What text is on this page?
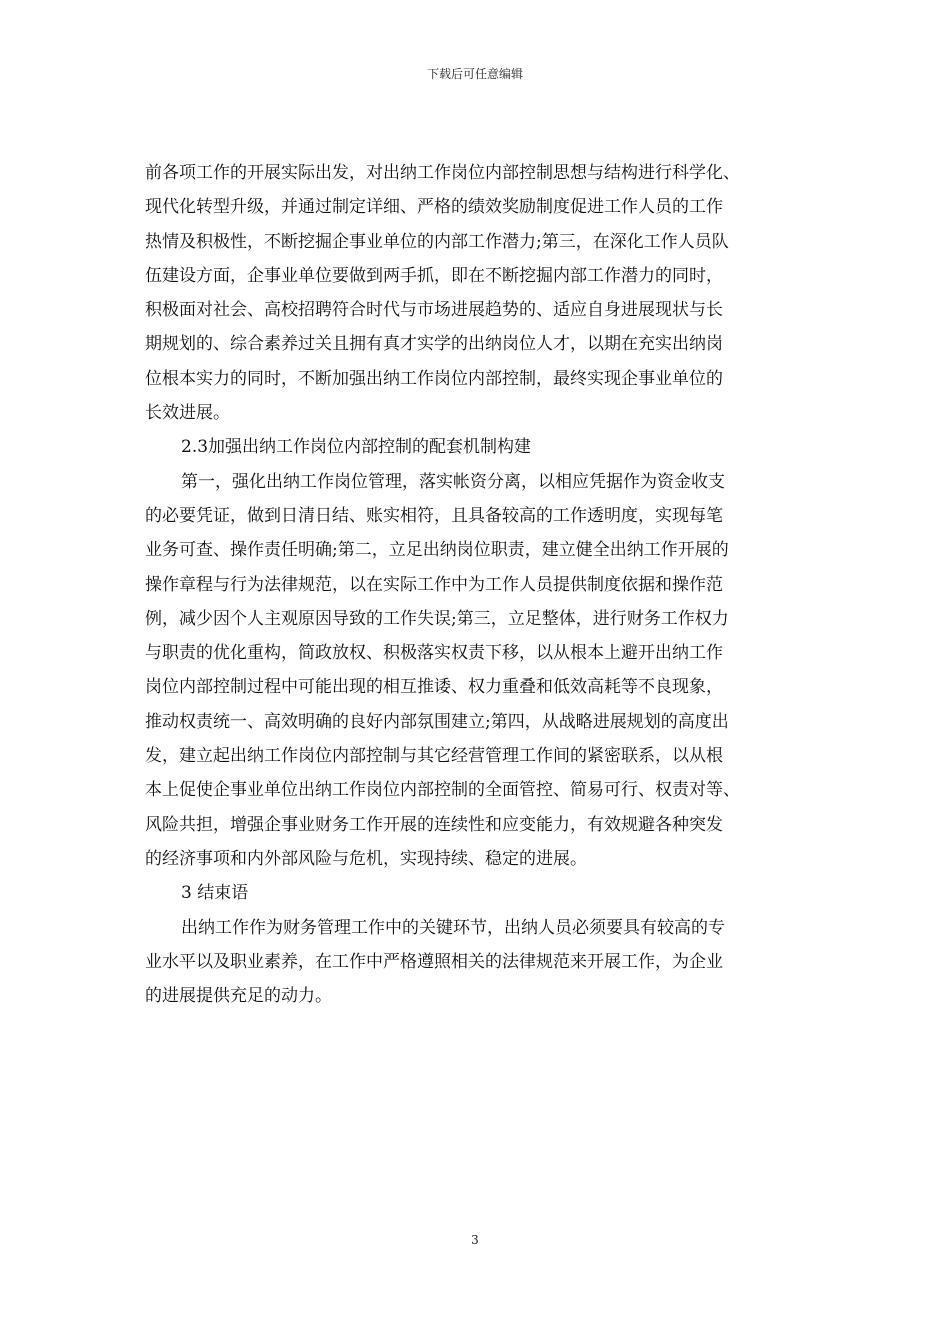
下载后可任意编辑
前各项工作的开展实际出发，对出纳工作岗位内部控制思想与结构进行科学化、
现代化转型升级，并通过制定详细、严格的绩效奖励制度促进工作人员的工作
热情及积极性，不断挖掘企事业单位的内部工作潜力;第三，在深化工作人员队
伍建设方面，企事业单位要做到两手抓，即在不断挖掘内部工作潜力的同时，
积极面对社会、高校招聘符合时代与市场进展趋势的、适应自身进展现状与长
期规划的、综合素养过关且拥有真才实学的出纳岗位人才，以期在充实出纳岗
位根本实力的同时，不断加强出纳工作岗位内部控制，最终实现企事业单位的
长效进展。
2.3加强出纳工作岗位内部控制的配套机制构建
第一，强化出纳工作岗位管理，落实帐资分离，以相应凭据作为资金收支
的必要凭证，做到日清日结、账实相符，且具备较高的工作透明度，实现每笔
业务可查、操作责任明确;第二，立足出纳岗位职责，建立健全出纳工作开展的
操作章程与行为法律规范，以在实际工作中为工作人员提供制度依据和操作范
例，减少因个人主观原因导致的工作失误;第三，立足整体，进行财务工作权力
与职责的优化重构，简政放权、积极落实权责下移，以从根本上避开出纳工作
岗位内部控制过程中可能出现的相互推诿、权力重叠和低效高耗等不良现象，
推动权责统一、高效明确的良好内部氛围建立;第四，从战略进展规划的高度出
发，建立起出纳工作岗位内部控制与其它经营管理工作间的紧密联系，以从根
本上促使企事业单位出纳工作岗位内部控制的全面管控、简易可行、权责对等、
风险共担，增强企事业财务工作开展的连续性和应变能力，有效规避各种突发
的经济事项和内外部风险与危机，实现持续、稳定的进展。
3 结束语
出纳工作作为财务管理工作中的关键环节，出纳人员必须要具有较高的专
业水平以及职业素养，在工作中严格遵照相关的法律规范来开展工作，为企业
的进展提供充足的动力。
3
